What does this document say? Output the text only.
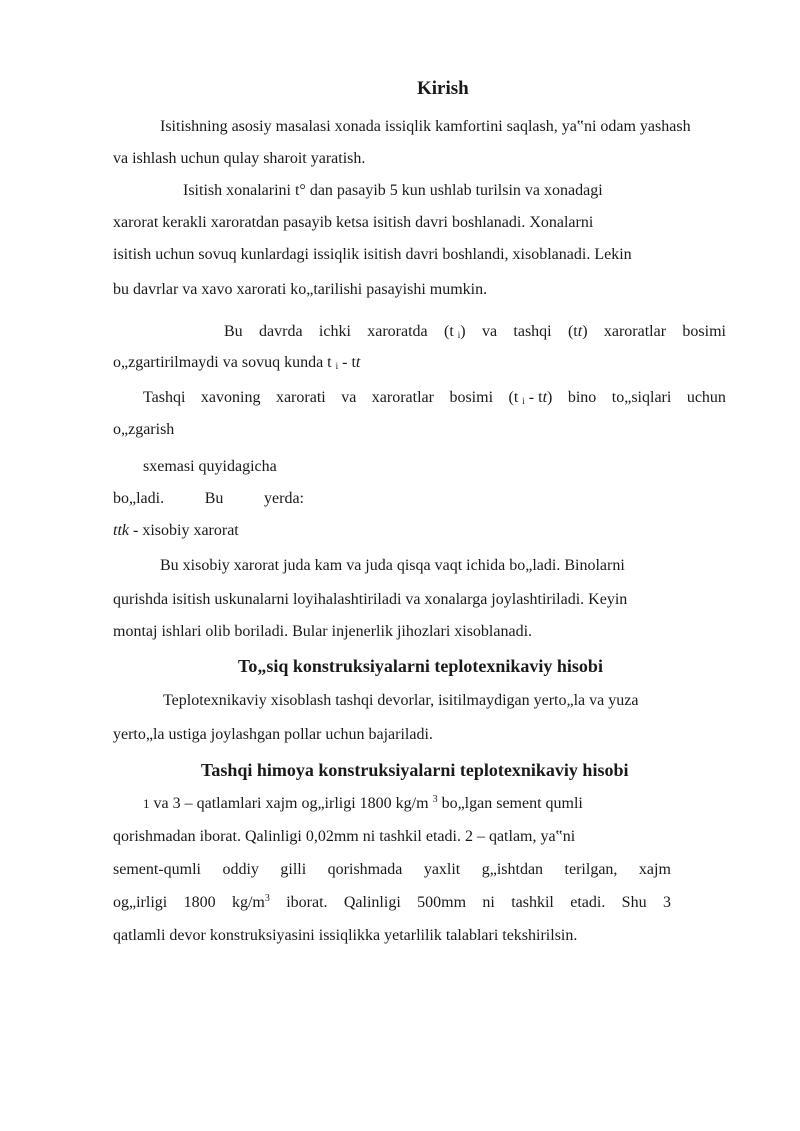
Kirish
Isitishning asosiy masalasi xonada issiqlik kamfortini saqlash, ya‟ni odam yashash
va ishlash uchun qulay sharoit yaratish.
Isitish xonalarini t° dan pasayib 5 kun ushlab turilsin va xonadagi
xarorat kerakli xaroratdan pasayib ketsa isitish davri boshlanadi. Xonalarni
isitish uchun sovuq kunlardagi issiqlik isitish davri boshlandi, xisoblanadi. Lekin
bu davrlar va xavo xarorati ko„tarilishi pasayishi mumkin.
Bu davrda ichki xaroratda (t $_i$) va tashqi (tt) xaroratlar bosimi
o„zgartirilmaydi va sovuq kunda t $_i$ - tt
Tashqi xavoning xarorati va xaroratlar bosimi (t $_i$ - tt) bino to„siqlari uchun
o„zgarish
sxemasi quyidagicha
bo„ladi.	Bu	yerda:
ttk - xisobiy xarorat
Bu xisobiy xarorat juda kam va juda qisqa vaqt ichida bo„ladi. Binolarni
qurishda isitish uskunalarni loyihalashtiriladi va xonalarga joylashtiriladi. Keyin
montaj ishlari olib boriladi. Bular injenerlik jihozlari xisoblanadi.
To„siq konstruksiyalarni teplotexnikaviy hisobi
Teplotexnikaviy xisoblash tashqi devorlar, isitilmaydigan yerto„la va yuza
yerto„la ustiga joylashgan pollar uchun bajariladi.
Tashqi himoya konstruksiyalarni teplotexnikaviy hisobi
1 va 3 – qatlamlari xajm og„irligi 1800 kg/m $^3$ bo„lgan sement qumli
qorishmadan iborat. Qalinligi 0,02mm ni tashkil etadi. 2 – qatlam, ya‟ni
sement-qumli oddiy gilli qorishmada yaxlit g„ishtdan terilgan, xajm
og„irligi 1800 $kg/m^3$ iborat. Qalinligi 500mm ni tashkil etadi. Shu 3
qatlamli devor konstruksiyasini issiqlikka yetarlilik talablari tekshirilsin.
